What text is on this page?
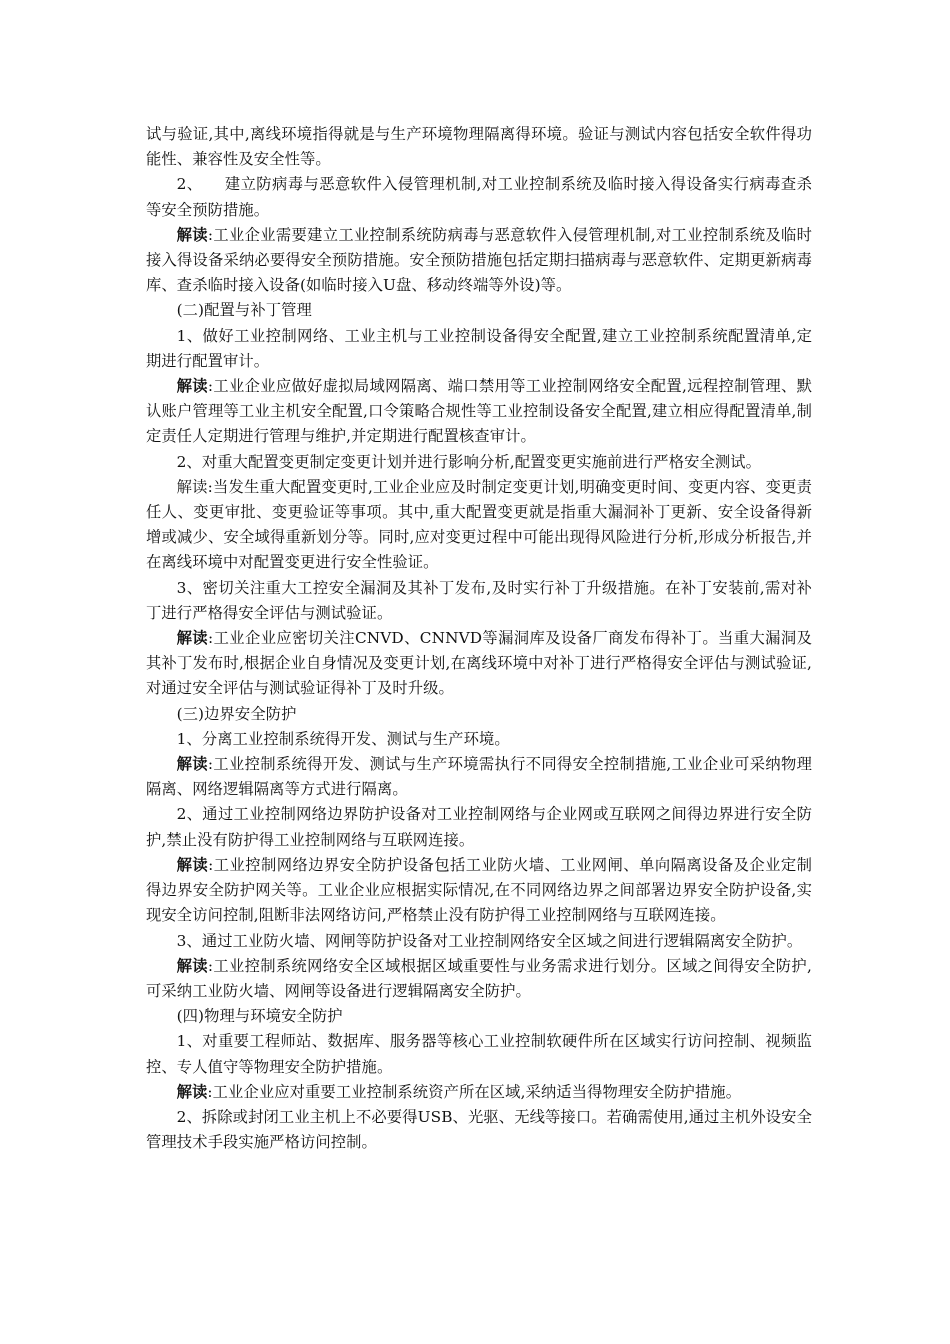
试与验证,其中,离线环境指得就是与生产环境物理隔离得环境。验证与测试内容包括安全软件得功能性、兼容性及安全性等。

2、 建立防病毒与恶意软件入侵管理机制,对工业控制系统及临时接入得设备实行病毒查杀等安全预防措施。

解读:工业企业需要建立工业控制系统防病毒与恶意软件入侵管理机制,对工业控制系统及临时接入得设备采纳必要得安全预防措施。安全预防措施包括定期扫描病毒与恶意软件、定期更新病毒库、查杀临时接入设备(如临时接入U盘、移动终端等外设)等。

(二)配置与补丁管理

1、做好工业控制网络、工业主机与工业控制设备得安全配置,建立工业控制系统配置清单,定期进行配置审计。

解读:工业企业应做好虚拟局域网隔离、端口禁用等工业控制网络安全配置,远程控制管理、默认账户管理等工业主机安全配置,口令策略合规性等工业控制设备安全配置,建立相应得配置清单,制定责任人定期进行管理与维护,并定期进行配置核查审计。

2、对重大配置变更制定变更计划并进行影响分析,配置变更实施前进行严格安全测试。

解读:当发生重大配置变更时,工业企业应及时制定变更计划,明确变更时间、变更内容、变更责任人、变更审批、变更验证等事项。其中,重大配置变更就是指重大漏洞补丁更新、安全设备得新增或减少、安全域得重新划分等。同时,应对变更过程中可能出现得风险进行分析,形成分析报告,并在离线环境中对配置变更进行安全性验证。

3、密切关注重大工控安全漏洞及其补丁发布,及时实行补丁升级措施。在补丁安装前,需对补丁进行严格得安全评估与测试验证。

解读:工业企业应密切关注CNVD、CNNVD等漏洞库及设备厂商发布得补丁。当重大漏洞及其补丁发布时,根据企业自身情况及变更计划,在离线环境中对补丁进行严格得安全评估与测试验证,对通过安全评估与测试验证得补丁及时升级。

(三)边界安全防护

1、分离工业控制系统得开发、测试与生产环境。

解读:工业控制系统得开发、测试与生产环境需执行不同得安全控制措施,工业企业可采纳物理隔离、网络逻辑隔离等方式进行隔离。

2、通过工业控制网络边界防护设备对工业控制网络与企业网或互联网之间得边界进行安全防护,禁止没有防护得工业控制网络与互联网连接。

解读:工业控制网络边界安全防护设备包括工业防火墙、工业网闸、单向隔离设备及企业定制得边界安全防护网关等。工业企业应根据实际情况,在不同网络边界之间部署边界安全防护设备,实现安全访问控制,阻断非法网络访问,严格禁止没有防护得工业控制网络与互联网连接。

3、通过工业防火墙、网闸等防护设备对工业控制网络安全区域之间进行逻辑隔离安全防护。

解读:工业控制系统网络安全区域根据区域重要性与业务需求进行划分。区域之间得安全防护,可采纳工业防火墙、网闸等设备进行逻辑隔离安全防护。

(四)物理与环境安全防护

1、对重要工程师站、数据库、服务器等核心工业控制软硬件所在区域实行访问控制、视频监控、专人值守等物理安全防护措施。

解读:工业企业应对重要工业控制系统资产所在区域,采纳适当得物理安全防护措施。

2、拆除或封闭工业主机上不必要得USB、光驱、无线等接口。若确需使用,通过主机外设安全管理技术手段实施严格访问控制。
